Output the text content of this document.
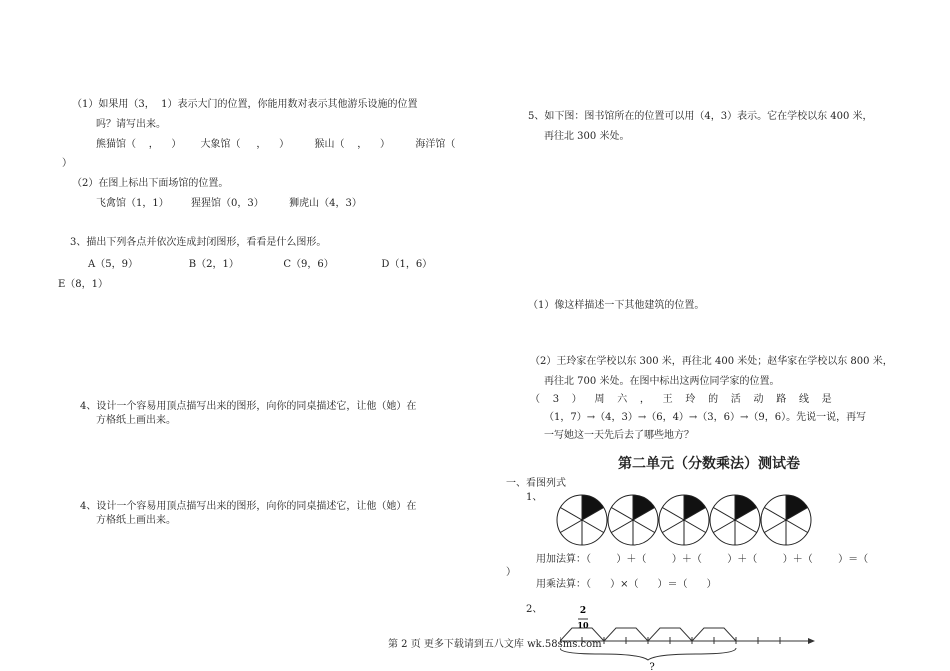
（1）如果用（3，  1）表示大门的位置，你能用数对表示其他游乐设施的位置
吗？请写出来。
熊猫馆（    ，    ）      大象馆（     ，    ）        猴山（    ，    ）        海洋馆（
）
（2）在图上标出下面场馆的位置。
飞禽馆（1，1）       猩猩馆（0，3）        狮虎山（4，3）
3、描出下列各点并依次连成封闭图形，看看是什么图形。
A（5，9）                B（2，1）              C（9，6）               D（1，6）
E（8，1）
4、设计一个容易用顶点描写出来的图形，向你的同桌描述它，让他（她）在
方格纸上画出来。
4、设计一个容易用顶点描写出来的图形，向你的同桌描述它，让他（她）在
方格纸上画出来。
5、如下图：图书馆所在的位置可以用（4，3）表示。它在学校以东 400 米，
再往北 300 米处。
（1）像这样描述一下其他建筑的位置。
（2）王玲家在学校以东 300 米，再往北 400 米处；赵华家在学校以东 800 米，
再往北 700 米处。在图中标出这两位同学家的位置。
（    3    ）    周    六    ，    王    玲    的    活    动    路    线    是
（1，7）→（4，3）→（6，4）→（3，6）→（9，6）。先说一说，再写
一写她这一天先后去了哪些地方？
第二单元（分数乘法）测试卷
一、看图列式
1、
用加法算：（        ）＋（        ）＋（        ）＋（        ）＋（        ）＝（
）
用乘法算：（      ）×（      ）＝（      ）
2、	2
10
?
第 2 页 更多下载请到五八文库 wk.58sms.com
